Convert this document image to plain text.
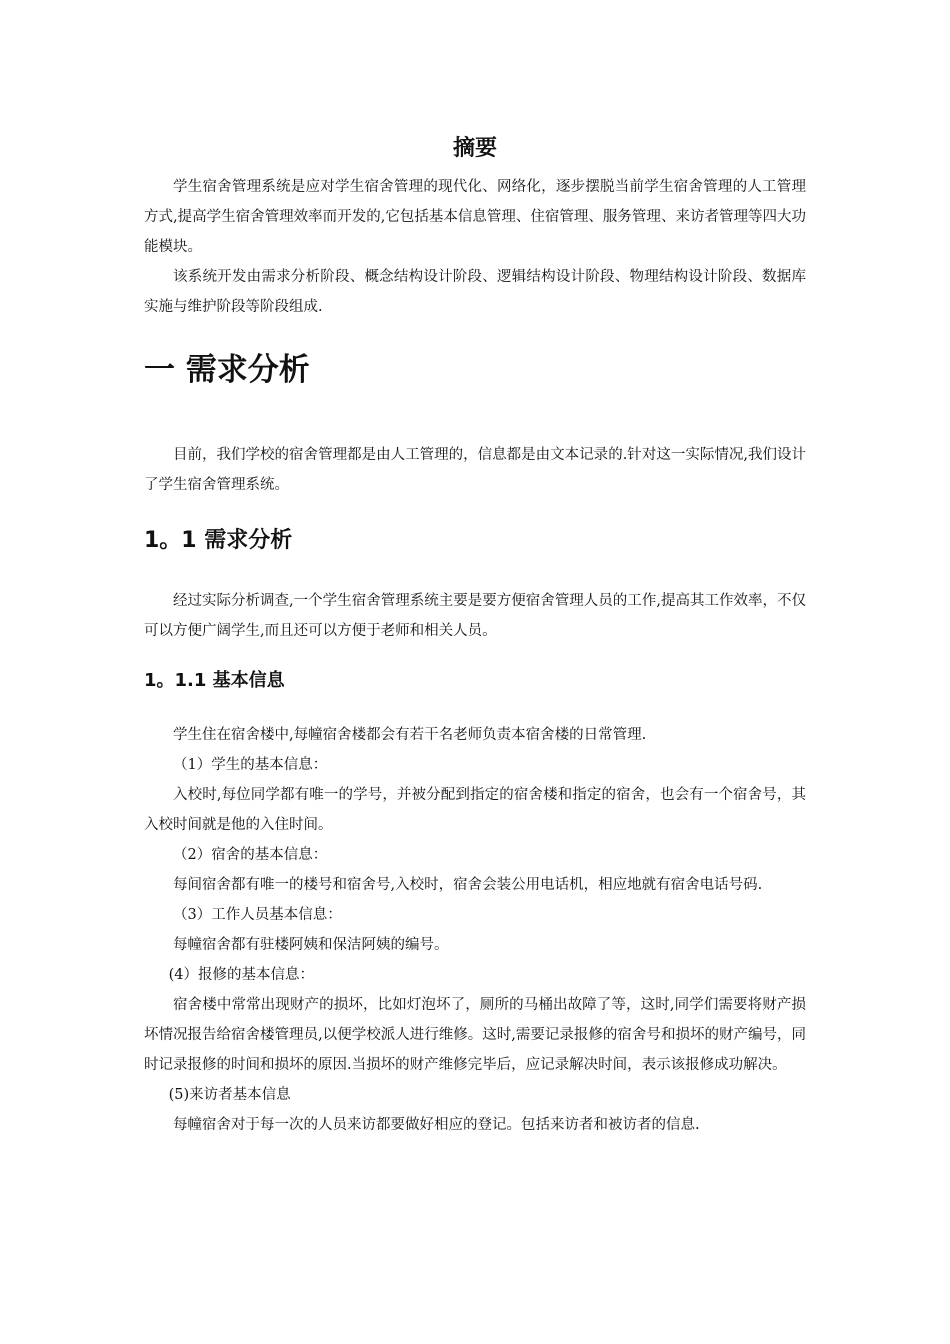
摘要

学生宿舍管理系统是应对学生宿舍管理的现代化、网络化，逐步摆脱当前学生宿舍管理的人工管理方式,提高学生宿舍管理效率而开发的,它包括基本信息管理、住宿管理、服务管理、来访者管理等四大功能模块。

该系统开发由需求分析阶段、概念结构设计阶段、逻辑结构设计阶段、物理结构设计阶段、数据库实施与维护阶段等阶段组成.

一 需求分析

目前，我们学校的宿舍管理都是由人工管理的，信息都是由文本记录的.针对这一实际情况,我们设计了学生宿舍管理系统。

1。1 需求分析

经过实际分析调查,一个学生宿舍管理系统主要是要方便宿舍管理人员的工作,提高其工作效率，不仅可以方便广阔学生,而且还可以方便于老师和相关人员。

1。1.1 基本信息

学生住在宿舍楼中,每幢宿舍楼都会有若干名老师负责本宿舍楼的日常管理.

（1）学生的基本信息：

入校时,每位同学都有唯一的学号，并被分配到指定的宿舍楼和指定的宿舍，也会有一个宿舍号，其入校时间就是他的入住时间。

（2）宿舍的基本信息：

每间宿舍都有唯一的楼号和宿舍号,入校时，宿舍会装公用电话机，相应地就有宿舍电话号码.

（3）工作人员基本信息：

每幢宿舍都有驻楼阿姨和保洁阿姨的编号。

(4）报修的基本信息：

宿舍楼中常常出现财产的损坏，比如灯泡坏了，厕所的马桶出故障了等，这时,同学们需要将财产损坏情况报告给宿舍楼管理员,以便学校派人进行维修。这时,需要记录报修的宿舍号和损坏的财产编号，同时记录报修的时间和损坏的原因.当损坏的财产维修完毕后，应记录解决时间，表示该报修成功解决。

(5)来访者基本信息

每幢宿舍对于每一次的人员来访都要做好相应的登记。包括来访者和被访者的信息.
